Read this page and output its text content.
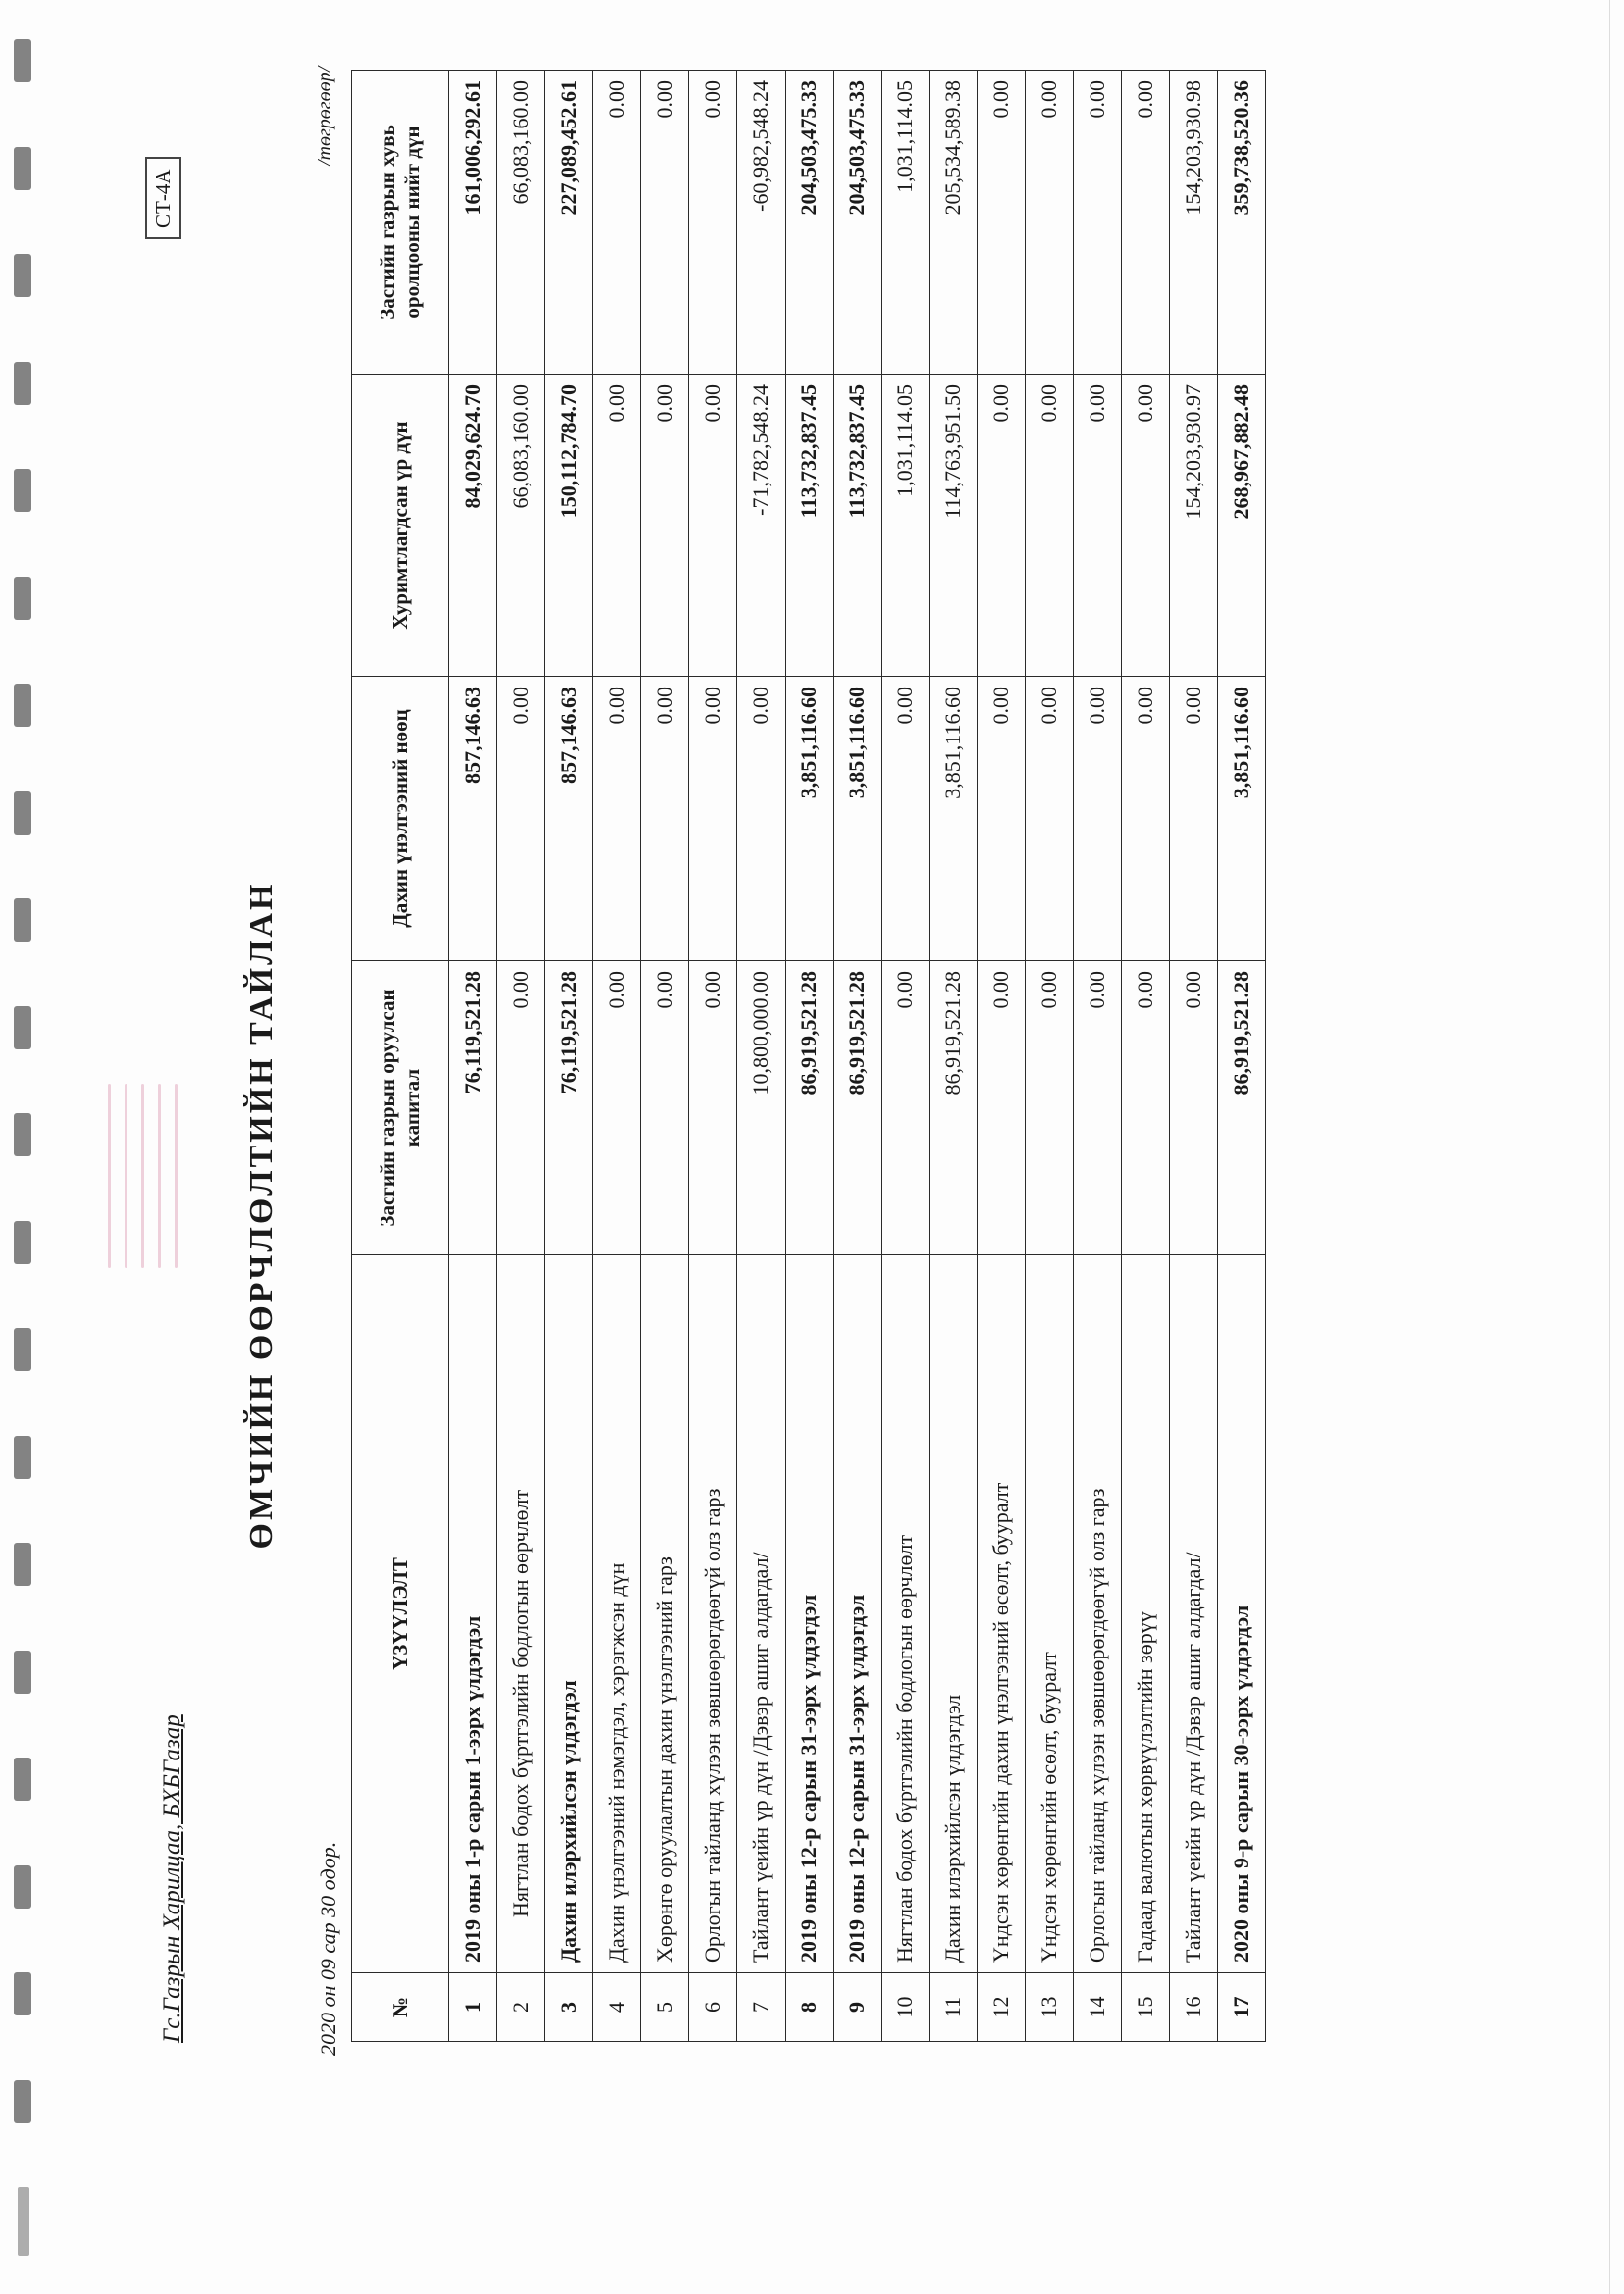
Гс.Газрын Харилцаа, БХБГазар	2020 он 09 сар 30 өдөр.
ӨМЧИЙН ӨӨРЧЛӨЛТИЙН ТАЙЛАН
СТ-4А
/төгрөгөөр/
№	ҮЗҮҮЛЭЛТ	Засгийн газрын оруулсан капитал	Дахин үнэлгээний нөөц	Хуримтлагдсан үр дүн	Засгийн газрын хувь оролцооны нийт дүн
1	2019 оны 1-р сарын 1-ээрх үлдэгдэл	76,119,521.28	857,146.63	84,029,624.70	161,006,292.61
2	Нягтлан бодох бүртгэлийн бодлогын өөрчлөлт	0.00	0.00	66,083,160.00	66,083,160.00
3	Дахин илэрхийлсэн үлдэгдэл	76,119,521.28	857,146.63	150,112,784.70	227,089,452.61
4	Дахин үнэлгээний нэмэгдэл, хэрэгжсэн дүн	0.00	0.00	0.00	0.00
5	Хөрөнгө оруулалтын дахин үнэлгээний гарз	0.00	0.00	0.00	0.00
6	Орлогын тайланд хүлээн зөвшөөрөгдөөгүй олз гарз	0.00	0.00	0.00	0.00
7	Тайлант үеийн үр дүн /Дэвэр ашиг алдагдал/	10,800,000.00	0.00	-71,782,548.24	-60,982,548.24
8	2019 оны 12-р сарын 31-ээрх үлдэгдэл	86,919,521.28	3,851,116.60	113,732,837.45	204,503,475.33
9	2019 оны 12-р сарын 31-ээрх үлдэгдэл	86,919,521.28	3,851,116.60	113,732,837.45	204,503,475.33
10	Нягтлан бодох бүртгэлийн бодлогын өөрчлөлт	0.00	0.00	1,031,114.05	1,031,114.05
11	Дахин илэрхийлсэн үлдэгдэл	86,919,521.28	3,851,116.60	114,763,951.50	205,534,589.38
12	Үндсэн хөрөнгийн дахин үнэлгээний өсөлт, бууралт	0.00	0.00	0.00	0.00
13	Үндсэн хөрөнгийн өсөлт, бууралт	0.00	0.00	0.00	0.00
14	Орлогын тайланд хүлээн зөвшөөрөгдөөгүй олз гарз	0.00	0.00	0.00	0.00
15	Гадаад валютын хөрвүүлэлтийн зөрүү	0.00	0.00	0.00	0.00
16	Тайлант үеийн үр дүн /Дэвэр ашиг алдагдал/	0.00	0.00	154,203,930.97	154,203,930.98
17	2020 оны 9-р сарын 30-ээрх үлдэгдэл	86,919,521.28	3,851,116.60	268,967,882.48	359,738,520.36
